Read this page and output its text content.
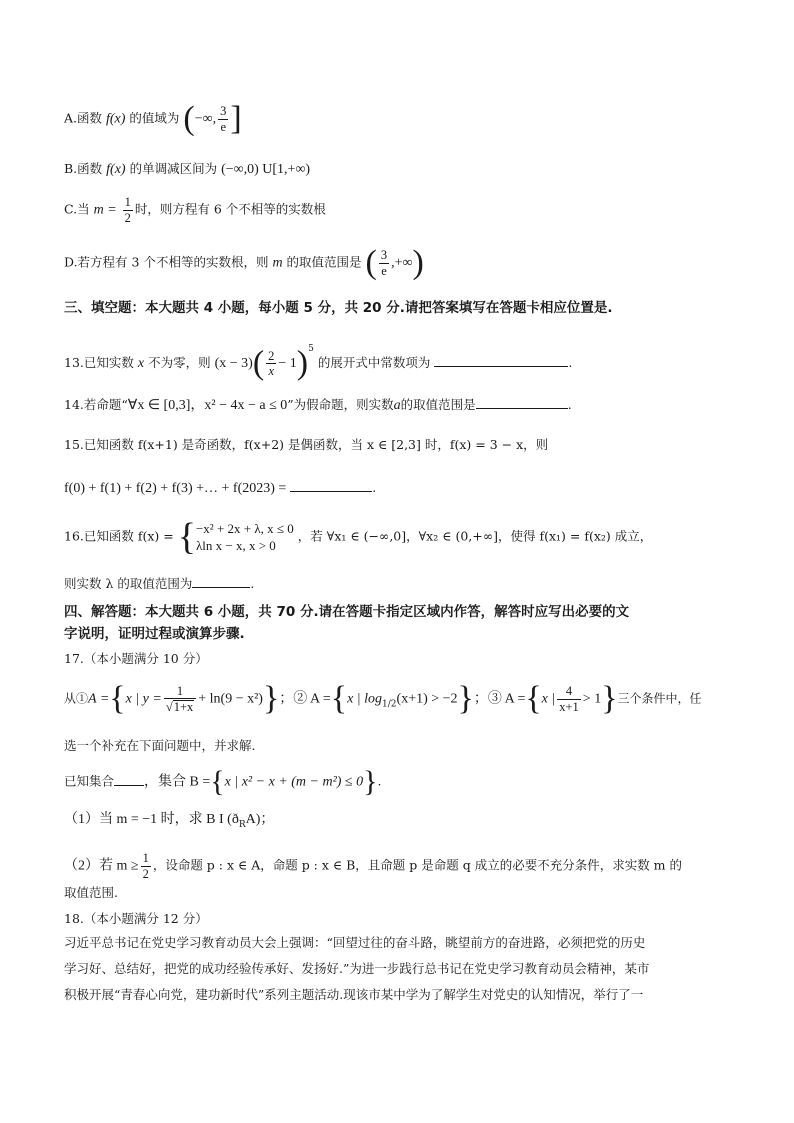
A.函数 f(x) 的值域为 (−∞, $\frac{3}{e}$ ]
B.函数 f(x) 的单调减区间为 (−∞,0) U[1,+∞)
C.当 $m = \frac{1}{2}$ 时，则方程有 6 个不相等的实数根
D.若方程有 3 个不相等的实数根，则 m 的取值范围是 ( $\frac{3}{e}$ ,+∞)
三、填空题：本大题共 4 小题，每小题 5 分，共 20 分.请把答案填写在答题卡相应位置是.
13.已知实数 x 不为零，则 $(x - 3)( \frac{2}{x} - 1)^5$ 的展开式中常数项为	.
14.若命题“∀x ∈ [0,3]，x² − 4x − a ≤ 0”为假命题，则实数a的取值范围是	.
15.已知函数 f(x+1) 是奇函数，f(x+2) 是偶函数，当 x ∈ [2,3] 时，f(x) = 3 − x，则
f(0) + f(1) + f(2) + f(3) +… + f(2023) =	.
16.已知函数 f(x) = { −x² + 2x + λ, x ≤ 0
λln x − x, x > 0
，若 ∀x₁ ∈ (−∞,0]，∀x₂ ∈ (0,+∞]，使得 f(x₁) = f(x₂) 成立，
则实数 λ 的取值范围为	.
四、解答题：本大题共 6 小题，共 70 分.请在答题卡指定区域内作答，解答时应写出必要的文
字说明，证明过程或演算步骤.
17.（本小题满分 10 分）
从①A ={x | $y = \frac{1}{√1+x} + \ln(9 - x^2)$}；② A ={x | $\log_{1/2}(x+1) > -2$}；③ A ={x | $\frac{4}{x+1} > 1$}三个条件中，任
选一个补充在下面问题中，并求解.
已知集合 ，集合 B ={x | x² − x + (m − m²) ≤ 0}.
（1）当 m = −1 时，求 B I $(ð_RA)$；
（2）若 $m \ge \frac{1}{2}$ ，设命题 p : x ∈ A，命题 p : x ∈ B，且命题 p 是命题 q 成立的必要不充分条件，求实数 m 的
取值范围.
18.（本小题满分 12 分）
习近平总书记在党史学习教育动员大会上强调：“回望过往的奋斗路，眺望前方的奋进路，必须把党的历史
学习好、总结好，把党的成功经验传承好、发扬好.”为进一步践行总书记在党史学习教育动员会精神，某市
积极开展“青春心向党，建功新时代”系列主题活动.现该市某中学为了解学生对党史的认知情况，举行了一
